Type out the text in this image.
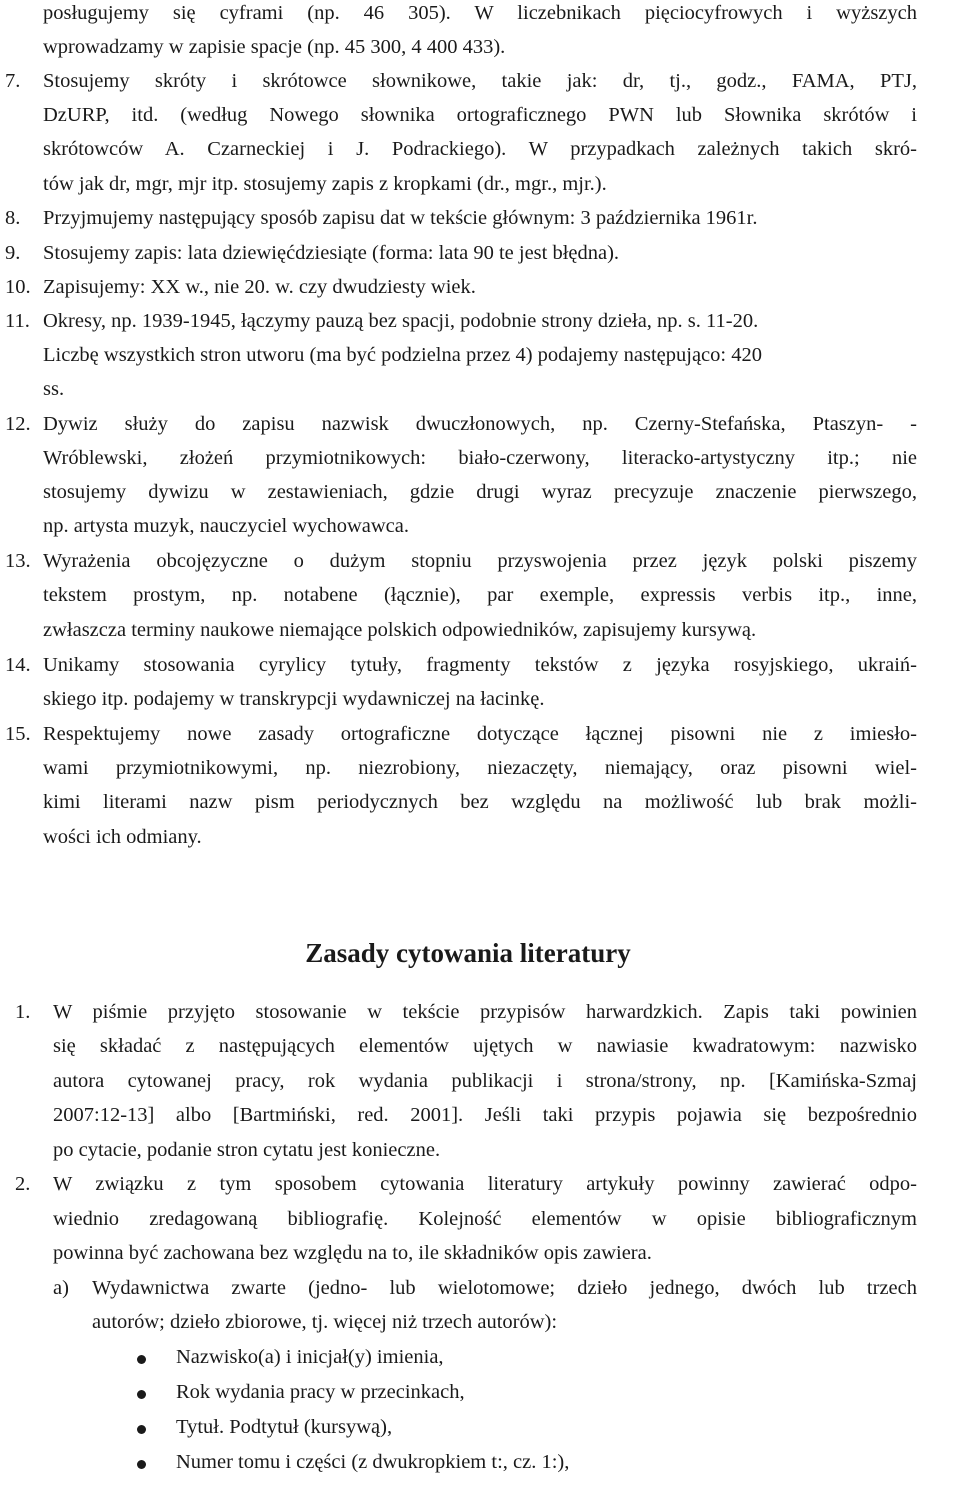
posługujemy się cyframi (np. 46 305). W liczebnikach pięciocyfrowych i wyższych
wprowadzamy w zapisie spacje (np. 45 300, 4 400 433).
7. Stosujemy skróty i skrótowce słownikowe, takie jak: dr, tj., godz., FAMA, PTJ,
DzURP, itd. (według Nowego słownika ortograficznego PWN lub Słownika skrótów i
skrótowców A. Czarneckiej i J. Podrackiego). W przypadkach zależnych takich skró-
tów jak dr, mgr, mjr itp. stosujemy zapis z kropkami (dr., mgr., mjr.).
8. Przyjmujemy następujący sposób zapisu dat w tekście głównym: 3 października 1961r.
9. Stosujemy zapis: lata dziewięćdziesiąte (forma: lata 90 te jest błędna).
10. Zapisujemy: XX w., nie 20. w. czy dwudziesty wiek.
11. Okresy, np. 1939-1945, łączymy pauzą bez spacji, podobnie strony dzieła, np. s. 11-20.
Liczbę wszystkich stron utworu (ma być podzielna przez 4) podajemy następująco: 420
ss.
12. Dywiz służy do zapisu nazwisk dwuczłonowych, np. Czerny-Stefańska, Ptaszyn- -
Wróblewski, złożeń przymiotnikowych: biało-czerwony, literacko-artystyczny itp.; nie
stosujemy dywizu w zestawieniach, gdzie drugi wyraz precyzuje znaczenie pierwszego,
np. artysta muzyk, nauczyciel wychowawca.
13. Wyrażenia obcojęzyczne o dużym stopniu przyswojenia przez język polski piszemy
tekstem prostym, np. notabene (łącznie), par exemple, expressis verbis itp., inne,
zwłaszcza terminy naukowe niemające polskich odpowiedników, zapisujemy kursywą.
14. Unikamy stosowania cyrylicy tytuły, fragmenty tekstów z języka rosyjskiego, ukraiń-
skiego itp. podajemy w transkrypcji wydawniczej na łacinkę.
15. Respektujemy nowe zasady ortograficzne dotyczące łącznej pisowni nie z imiesło-
wami przymiotnikowymi, np. niezrobiony, niezaczęty, niemający, oraz pisowni wiel-
kimi literami nazw pism periodycznych bez względu na możliwość lub brak możli-
wości ich odmiany.
Zasady cytowania literatury
1. W piśmie przyjęto stosowanie w tekście przypisów harwardzkich. Zapis taki powinien
się składać z następujących elementów ujętych w nawiasie kwadratowym: nazwisko
autora cytowanej pracy, rok wydania publikacji i strona/strony, np. [Kamińska-Szmaj
2007:12-13] albo [Bartmiński, red. 2001]. Jeśli taki przypis pojawia się bezpośrednio
po cytacie, podanie stron cytatu jest konieczne.
2. W związku z tym sposobem cytowania literatury artykuły powinny zawierać odpo-
wiednio zredagowaną bibliografię. Kolejność elementów w opisie bibliograficznym
powinna być zachowana bez względu na to, ile składników opis zawiera.
a) Wydawnictwa zwarte (jedno- lub wielotomowe; dzieło jednego, dwóch lub trzech
autorów; dzieło zbiorowe, tj. więcej niż trzech autorów):
Nazwisko(a) i inicjał(y) imienia,
Rok wydania pracy w przecinkach,
Tytuł. Podtytuł (kursywą),
Numer tomu i części (z dwukropkiem t:, cz. 1:),
